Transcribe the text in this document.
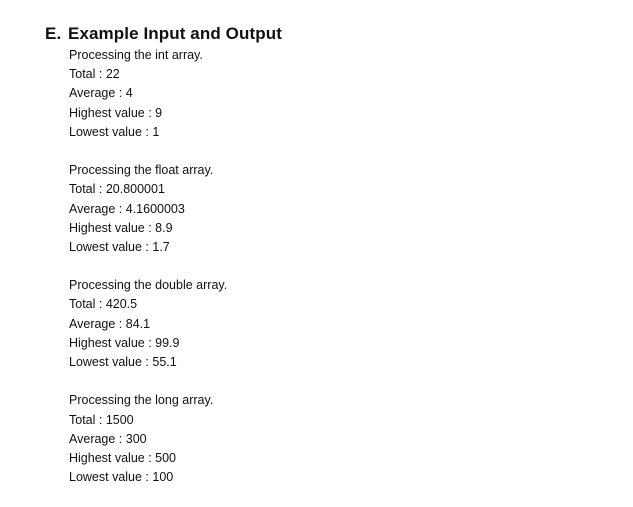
E. Example Input and Output
Processing the int array.
Total : 22
Average : 4
Highest value : 9
Lowest value : 1
Processing the float array.
Total : 20.800001
Average : 4.1600003
Highest value : 8.9
Lowest value : 1.7
Processing the double array.
Total : 420.5
Average : 84.1
Highest value : 99.9
Lowest value : 55.1
Processing the long array.
Total : 1500
Average : 300
Highest value : 500
Lowest value : 100
